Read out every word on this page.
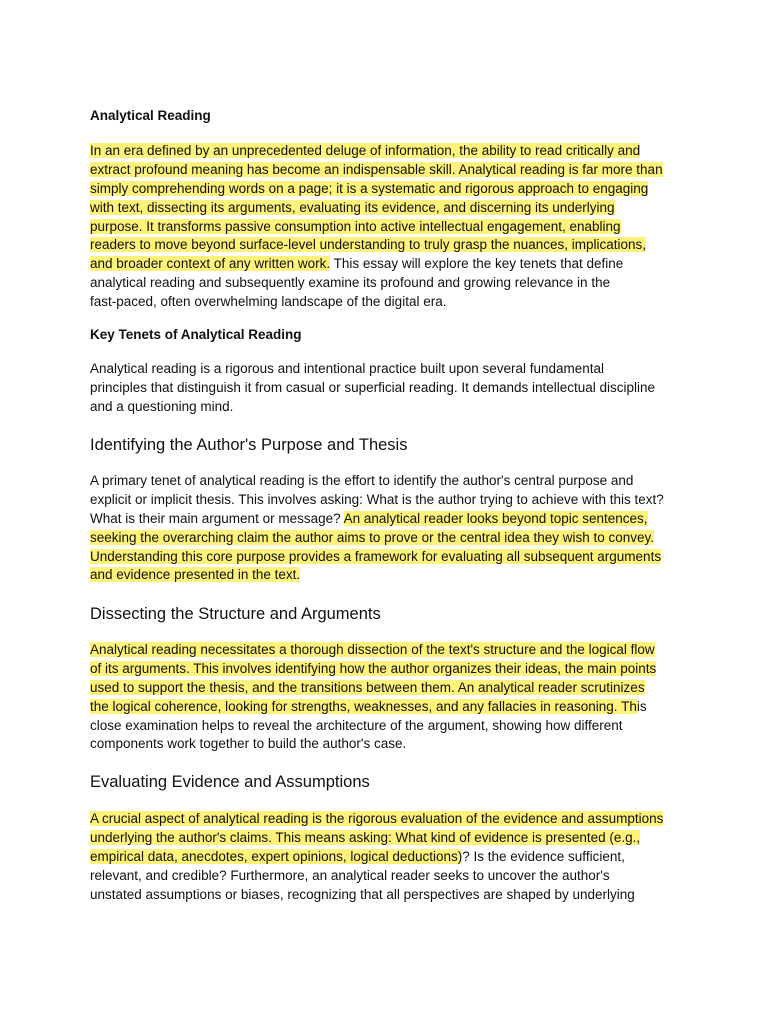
Analytical Reading
In an era defined by an unprecedented deluge of information, the ability to read critically and
extract profound meaning has become an indispensable skill. Analytical reading is far more than
simply comprehending words on a page; it is a systematic and rigorous approach to engaging
with text, dissecting its arguments, evaluating its evidence, and discerning its underlying
purpose. It transforms passive consumption into active intellectual engagement, enabling
readers to move beyond surface-level understanding to truly grasp the nuances, implications,
and broader context of any written work. This essay will explore the key tenets that define
analytical reading and subsequently examine its profound and growing relevance in the
fast-paced, often overwhelming landscape of the digital era.
Key Tenets of Analytical Reading
Analytical reading is a rigorous and intentional practice built upon several fundamental
principles that distinguish it from casual or superficial reading. It demands intellectual discipline
and a questioning mind.
Identifying the Author's Purpose and Thesis
A primary tenet of analytical reading is the effort to identify the author's central purpose and
explicit or implicit thesis. This involves asking: What is the author trying to achieve with this text?
What is their main argument or message? An analytical reader looks beyond topic sentences,
seeking the overarching claim the author aims to prove or the central idea they wish to convey.
Understanding this core purpose provides a framework for evaluating all subsequent arguments
and evidence presented in the text.
Dissecting the Structure and Arguments
Analytical reading necessitates a thorough dissection of the text's structure and the logical flow
of its arguments. This involves identifying how the author organizes their ideas, the main points
used to support the thesis, and the transitions between them. An analytical reader scrutinizes
the logical coherence, looking for strengths, weaknesses, and any fallacies in reasoning. This
close examination helps to reveal the architecture of the argument, showing how different
components work together to build the author's case.
Evaluating Evidence and Assumptions
A crucial aspect of analytical reading is the rigorous evaluation of the evidence and assumptions
underlying the author's claims. This means asking: What kind of evidence is presented (e.g.,
empirical data, anecdotes, expert opinions, logical deductions)? Is the evidence sufficient,
relevant, and credible? Furthermore, an analytical reader seeks to uncover the author's
unstated assumptions or biases, recognizing that all perspectives are shaped by underlying
